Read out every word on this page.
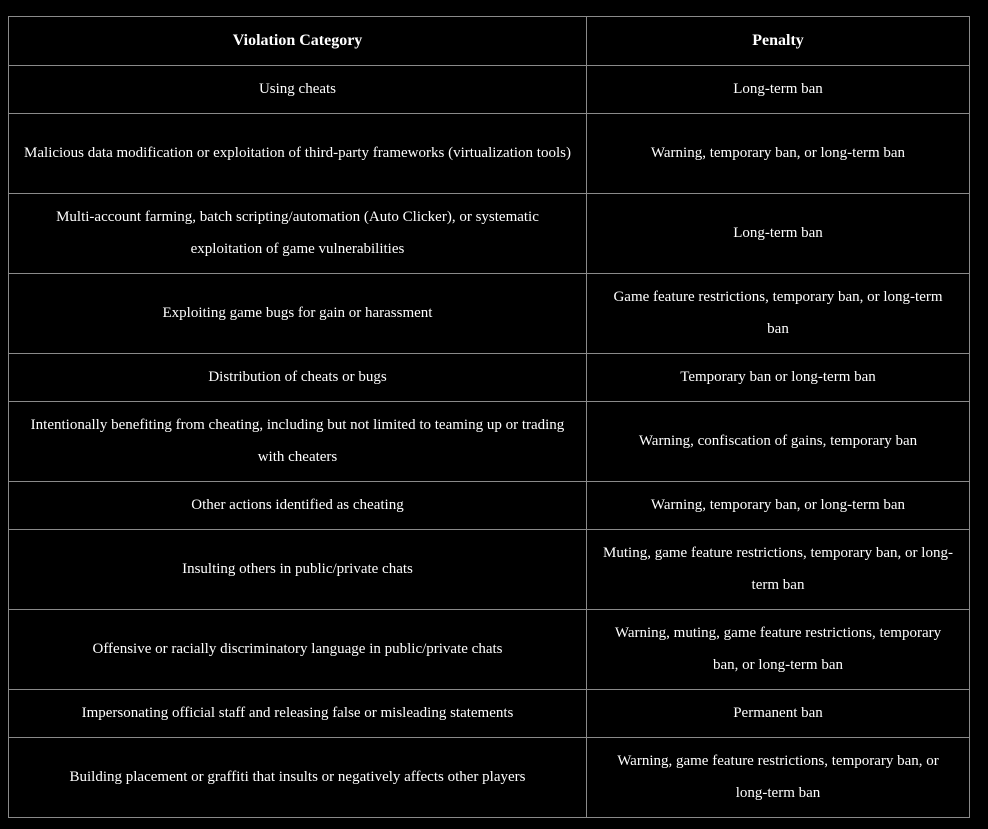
Violation Category	Penalty
Using cheats	Long-term ban
Malicious data modification or exploitation of third-party frameworks (virtualization tools)	Warning, temporary ban, or long-term ban
Multi-account farming, batch scripting/automation (Auto Clicker), or systematic exploitation of game vulnerabilities	Long-term ban
Exploiting game bugs for gain or harassment	Game feature restrictions, temporary ban, or long-term ban
Distribution of cheats or bugs	Temporary ban or long-term ban
Intentionally benefiting from cheating, including but not limited to teaming up or trading with cheaters	Warning, confiscation of gains, temporary ban
Other actions identified as cheating	Warning, temporary ban, or long-term ban
Insulting others in public/private chats	Muting, game feature restrictions, temporary ban, or long-term ban
Offensive or racially discriminatory language in public/private chats	Warning, muting, game feature restrictions, temporary ban, or long-term ban
Impersonating official staff and releasing false or misleading statements	Permanent ban
Building placement or graffiti that insults or negatively affects other players	Warning, game feature restrictions, temporary ban, or long-term ban
